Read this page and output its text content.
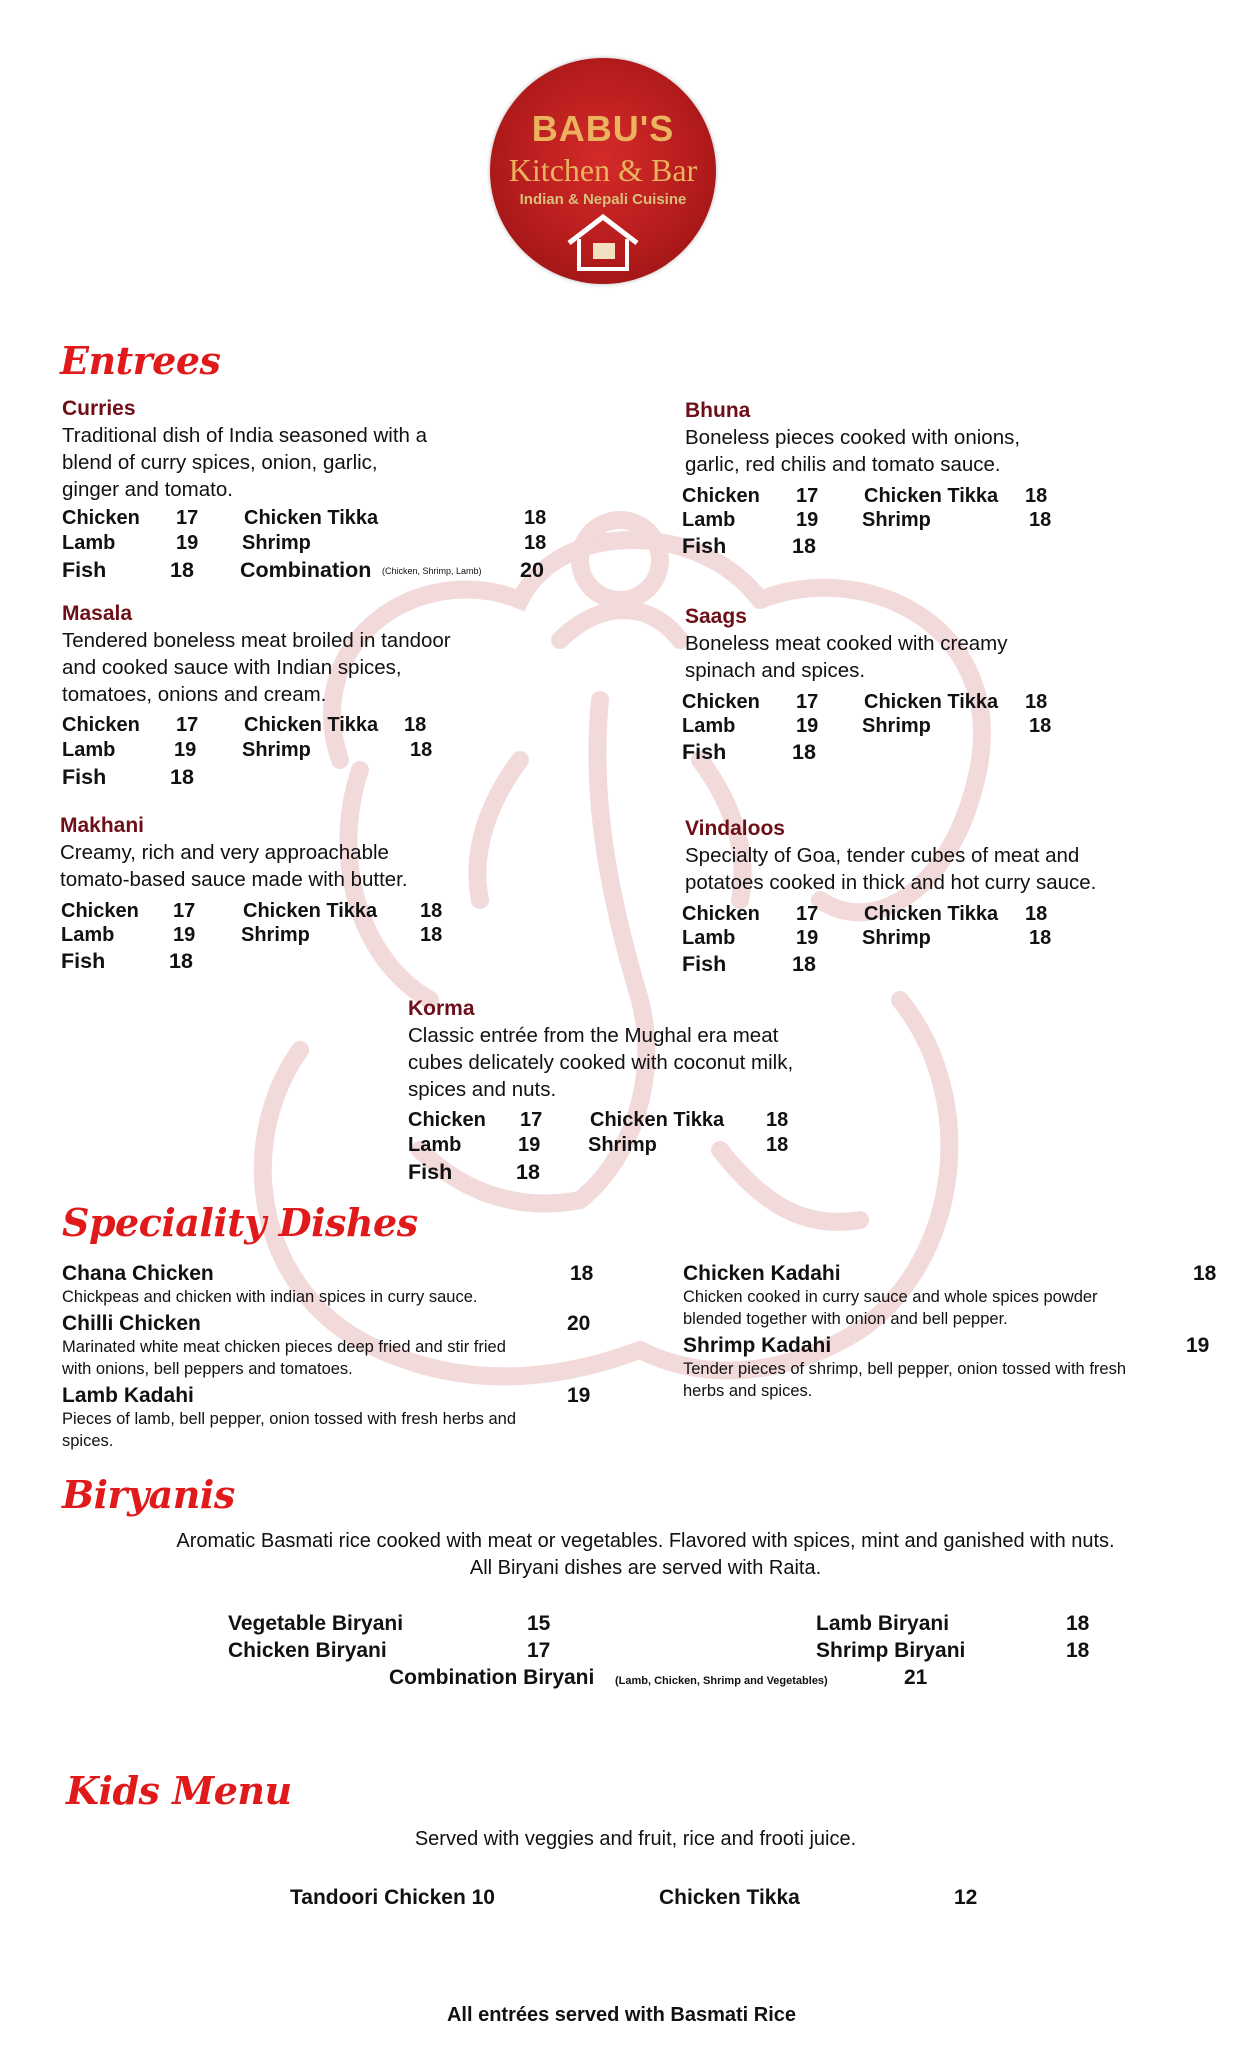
BABU'S
Kitchen & Bar
Indian & Nepali Cuisine
Entrees
Curries
Traditional dish of India seasoned with a
blend of curry spices, onion, garlic,
ginger and tomato.
Chicken 17 Chicken Tikka	18
Lamb	19 Shrimp	18
Fish	18 Combination (Chicken, Shrimp, Lamb) 20
Bhuna
Boneless pieces cooked with onions,
garlic, red chilis and tomato sauce.
Chicken 17 Chicken Tikka 18
Lamb	19 Shrimp	18
Fish	18
Masala
Tendered boneless meat broiled in tandoor
and cooked sauce with Indian spices,
tomatoes, onions and cream.
Chicken 17 Chicken Tikka 18
Lamb	19 Shrimp	18
Fish	18
Saags
Boneless meat cooked with creamy
spinach and spices.
Chicken 17 Chicken Tikka 18
Lamb	19 Shrimp	18
Fish	18
Makhani
Creamy, rich and very approachable
tomato-based sauce made with butter.
Chicken 17 Chicken Tikka 18
Lamb	19 Shrimp	18
Fish	18
Vindaloos
Specialty of Goa, tender cubes of meat and
potatoes cooked in thick and hot curry sauce.
Chicken 17 Chicken Tikka 18
Lamb	19 Shrimp	18
Fish	18
Korma
Classic entrée from the Mughal era meat
cubes delicately cooked with coconut milk,
spices and nuts.
Chicken 17 Chicken Tikka 18
Lamb	19 Shrimp	18
Fish	18
Speciality Dishes
Chana Chicken	18
Chickpeas and chicken with indian spices in curry sauce.
Chilli Chicken	20
Marinated white meat chicken pieces deep fried and stir fried
with onions, bell peppers and tomatoes.
Lamb Kadahi	19
Pieces of lamb, bell pepper, onion tossed with fresh herbs and
spices.
Chicken Kadahi	18
Chicken cooked in curry sauce and whole spices powder
blended together with onion and bell pepper.
Shrimp Kadahi	19
Tender pieces of shrimp, bell pepper, onion tossed with fresh
herbs and spices.
Biryanis
Aromatic Basmati rice cooked with meat or vegetables. Flavored with spices, mint and ganished with nuts.
All Biryani dishes are served with Raita.
Vegetable Biryani	15
Chicken Biryani	17
Lamb Biryani	18
Shrimp Biryani	18
Combination Biryani (Lamb, Chicken, Shrimp and Vegetables)	21
Kids Menu
Served with veggies and fruit, rice and frooti juice.
Tandoori Chicken 10	Chicken Tikka	12
All entrées served with Basmati Rice
